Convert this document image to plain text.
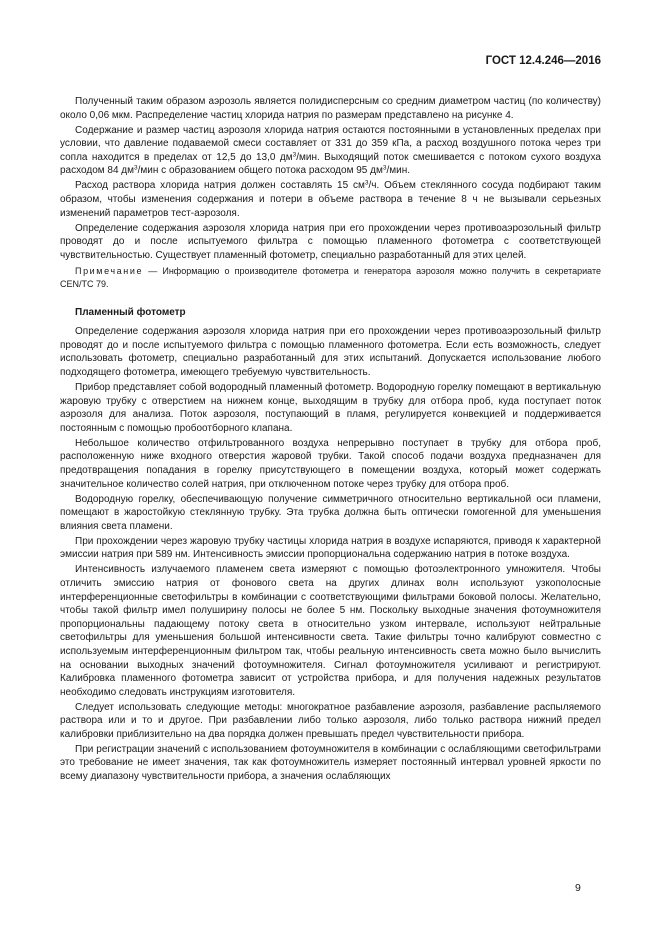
ГОСТ 12.4.246—2016

Полученный таким образом аэрозоль является полидисперсным со средним диаметром частиц (по количеству) около 0,06 мкм. Распределение частиц хлорида натрия по размерам представлено на рисунке 4.

Содержание и размер частиц аэрозоля хлорида натрия остаются постоянными в установленных пределах при условии, что давление подаваемой смеси составляет от 331 до 359 кПа, а расход воздушного потока через три сопла находится в пределах от 12,5 до 13,0 $дм^3$/мин. Выходящий поток смешивается с потоком сухого воздуха расходом 84 $дм^3$/мин с образованием общего потока расходом 95 $дм^3$/мин.

Расход раствора хлорида натрия должен составлять 15 $см^3/ч$. Объем стеклянного сосуда подбирают таким образом, чтобы изменения содержания и потери в объеме раствора в течение 8 ч не вызывали серьезных изменений параметров тест-аэрозоля.

Определение содержания аэрозоля хлорида натрия при его прохождении через противоаэрозольный фильтр проводят до и после испытуемого фильтра с помощью пламенного фотометра с соответствующей чувствительностью. Существует пламенный фотометр, специально разработанный для этих целей.

Примечание — Информацию о производителе фотометра и генератора аэрозоля можно получить в секретариате CEN/TC 79.

Пламенный фотометр

Определение содержания аэрозоля хлорида натрия при его прохождении через противоаэрозольный фильтр проводят до и после испытуемого фильтра с помощью пламенного фотометра. Если есть возможность, следует использовать фотометр, специально разработанный для этих испытаний. Допускается использование любого подходящего фотометра, имеющего требуемую чувствительность.

Прибор представляет собой водородный пламенный фотометр. Водородную горелку помещают в вертикальную жаровую трубку с отверстием на нижнем конце, выходящим в трубку для отбора проб, куда поступает поток аэрозоля для анализа. Поток аэрозоля, поступающий в пламя, регулируется конвекцией и поддерживается постоянным с помощью пробоотборного клапана.

Небольшое количество отфильтрованного воздуха непрерывно поступает в трубку для отбора проб, расположенную ниже входного отверстия жаровой трубки. Такой способ подачи воздуха предназначен для предотвращения попадания в горелку присутствующего в помещении воздуха, который может содержать значительное количество солей натрия, при отключенном потоке через трубку для отбора проб.

Водородную горелку, обеспечивающую получение симметричного относительно вертикальной оси пламени, помещают в жаростойкую стеклянную трубку. Эта трубка должна быть оптически гомогенной для уменьшения влияния света пламени.

При прохождении через жаровую трубку частицы хлорида натрия в воздухе испаряются, приводя к характерной эмиссии натрия при 589 нм. Интенсивность эмиссии пропорциональна содержанию натрия в потоке воздуха.

Интенсивность излучаемого пламенем света измеряют с помощью фотоэлектронного умножителя. Чтобы отличить эмиссию натрия от фонового света на других длинах волн используют узкополосные интерференционные светофильтры в комбинации с соответствующими фильтрами боковой полосы. Желательно, чтобы такой фильтр имел полуширину полосы не более 5 нм. Поскольку выходные значения фотоумножителя пропорциональны падающему потоку света в относительно узком интервале, используют нейтральные светофильтры для уменьшения большой интенсивности света. Такие фильтры точно калибруют совместно с используемым интерференционным фильтром так, чтобы реальную интенсивность света можно было вычислить на основании выходных значений фотоумножителя. Сигнал фотоумножителя усиливают и регистрируют. Калибровка пламенного фотометра зависит от устройства прибора, и для получения надежных результатов необходимо следовать инструкциям изготовителя.

Следует использовать следующие методы: многократное разбавление аэрозоля, разбавление распыляемого раствора или и то и другое. При разбавлении либо только аэрозоля, либо только раствора нижний предел калибровки приблизительно на два порядка должен превышать предел чувствительности прибора.

При регистрации значений с использованием фотоумножителя в комбинации с ослабляющими светофильтрами это требование не имеет значения, так как фотоумножитель измеряет постоянный интервал уровней яркости по всему диапазону чувствительности прибора, а значения ослабляющих

9
